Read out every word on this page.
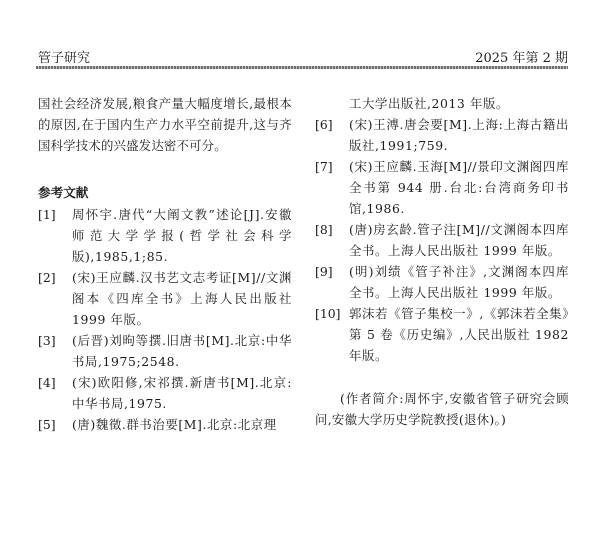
管子研究	2025 年第 2 期
国社会经济发展,粮食产量大幅度增长,最根本的原因,在于国内生产力水平空前提升,这与齐国科学技术的兴盛发达密不可分。
参考文献
[1]	周怀宇.唐代“大阐文教”述论[J].安徽师范大学学报(哲学社会科学版),1985,1;85.
[2]	(宋)王应麟.汉书艺文志考证[M]//文渊阁本《四库全书》上海人民出版社1999 年版。
[3]	(后晋)刘昫等撰.旧唐书[M].北京:中华书局,1975;2548.
[4]	(宋)欧阳修,宋祁撰.新唐书[M].北京:中华书局,1975.
[5]	(唐)魏徵.群书治要[M].北京:北京理
工大学出版社,2013 年版。
[6]	(宋)王溥.唐会要[M].上海:上海古籍出版社,1991;759.
[7]	(宋)王应麟.玉海[M]//景印文渊阁四库全书第 944 册.台北:台湾商务印书馆,1986.
[8]	(唐)房玄龄.管子注[M]//文渊阁本四库全书。上海人民出版社 1999 年版。
[9]	(明)刘绩《管子补注》,文渊阁本四库全书。上海人民出版社 1999 年版。
[10] 郭沫若《管子集校一》,《郭沫若全集》第 5 卷《历史编》,人民出版社 1982 年版。
(作者简介:周怀宇,安徽省管子研究会顾问,安徽大学历史学院教授(退休)。)
